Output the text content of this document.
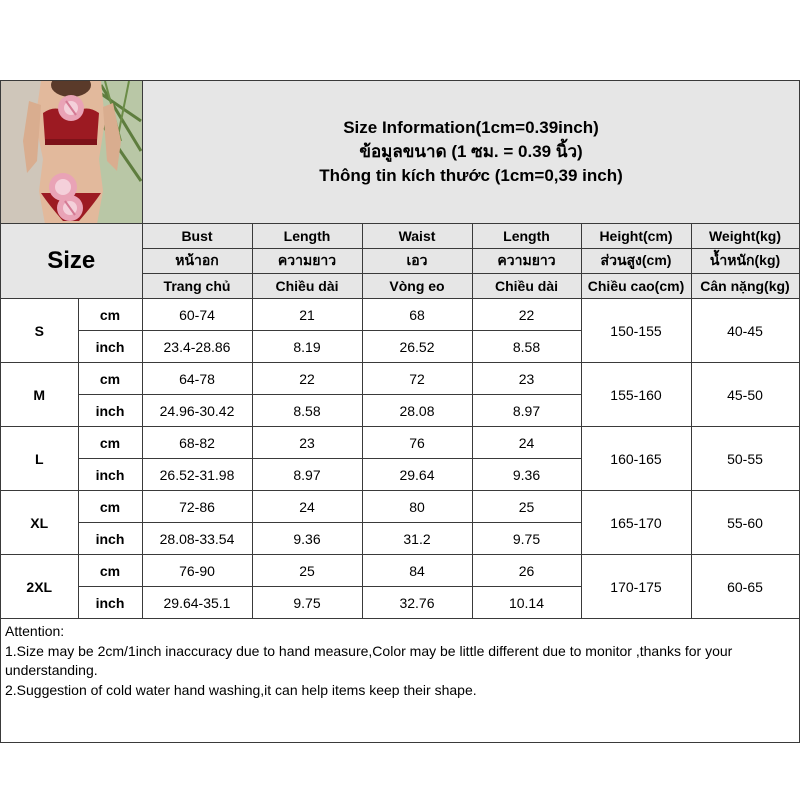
Size Information(1cm=0.39inch)
ข้อมูลขนาด (1 ซม. = 0.39 นิ้ว)
Thông tin kích thước (1cm=0,39 inch)
Size		Bust	Length	Waist	Length	Height(cm)	Weight(kg)
		หน้าอก	ความยาว	เอว	ความยาว	ส่วนสูง(cm)	น้ำหนัก(kg)
		Trang chủ	Chiều dài	Vòng eo	Chiều dài	Chiều cao(cm)	Cân nặng(kg)
S	cm	60-74	21	68	22	150-155	40-45
	inch	23.4-28.86	8.19	26.52	8.58		
M	cm	64-78	22	72	23	155-160	45-50
	inch	24.96-30.42	8.58	28.08	8.97		
L	cm	68-82	23	76	24	160-165	50-55
	inch	26.52-31.98	8.97	29.64	9.36		
XL	cm	72-86	24	80	25	165-170	55-60
	inch	28.08-33.54	9.36	31.2	9.75		
2XL	cm	76-90	25	84	26	170-175	60-65
	inch	29.64-35.1	9.75	32.76	10.14		
Attention:
1.Size may be 2cm/1inch inaccuracy due to hand measure,Color may be little different due to monitor ,thanks for your understanding.
2.Suggestion of cold water hand washing,it can help items keep their shape.
